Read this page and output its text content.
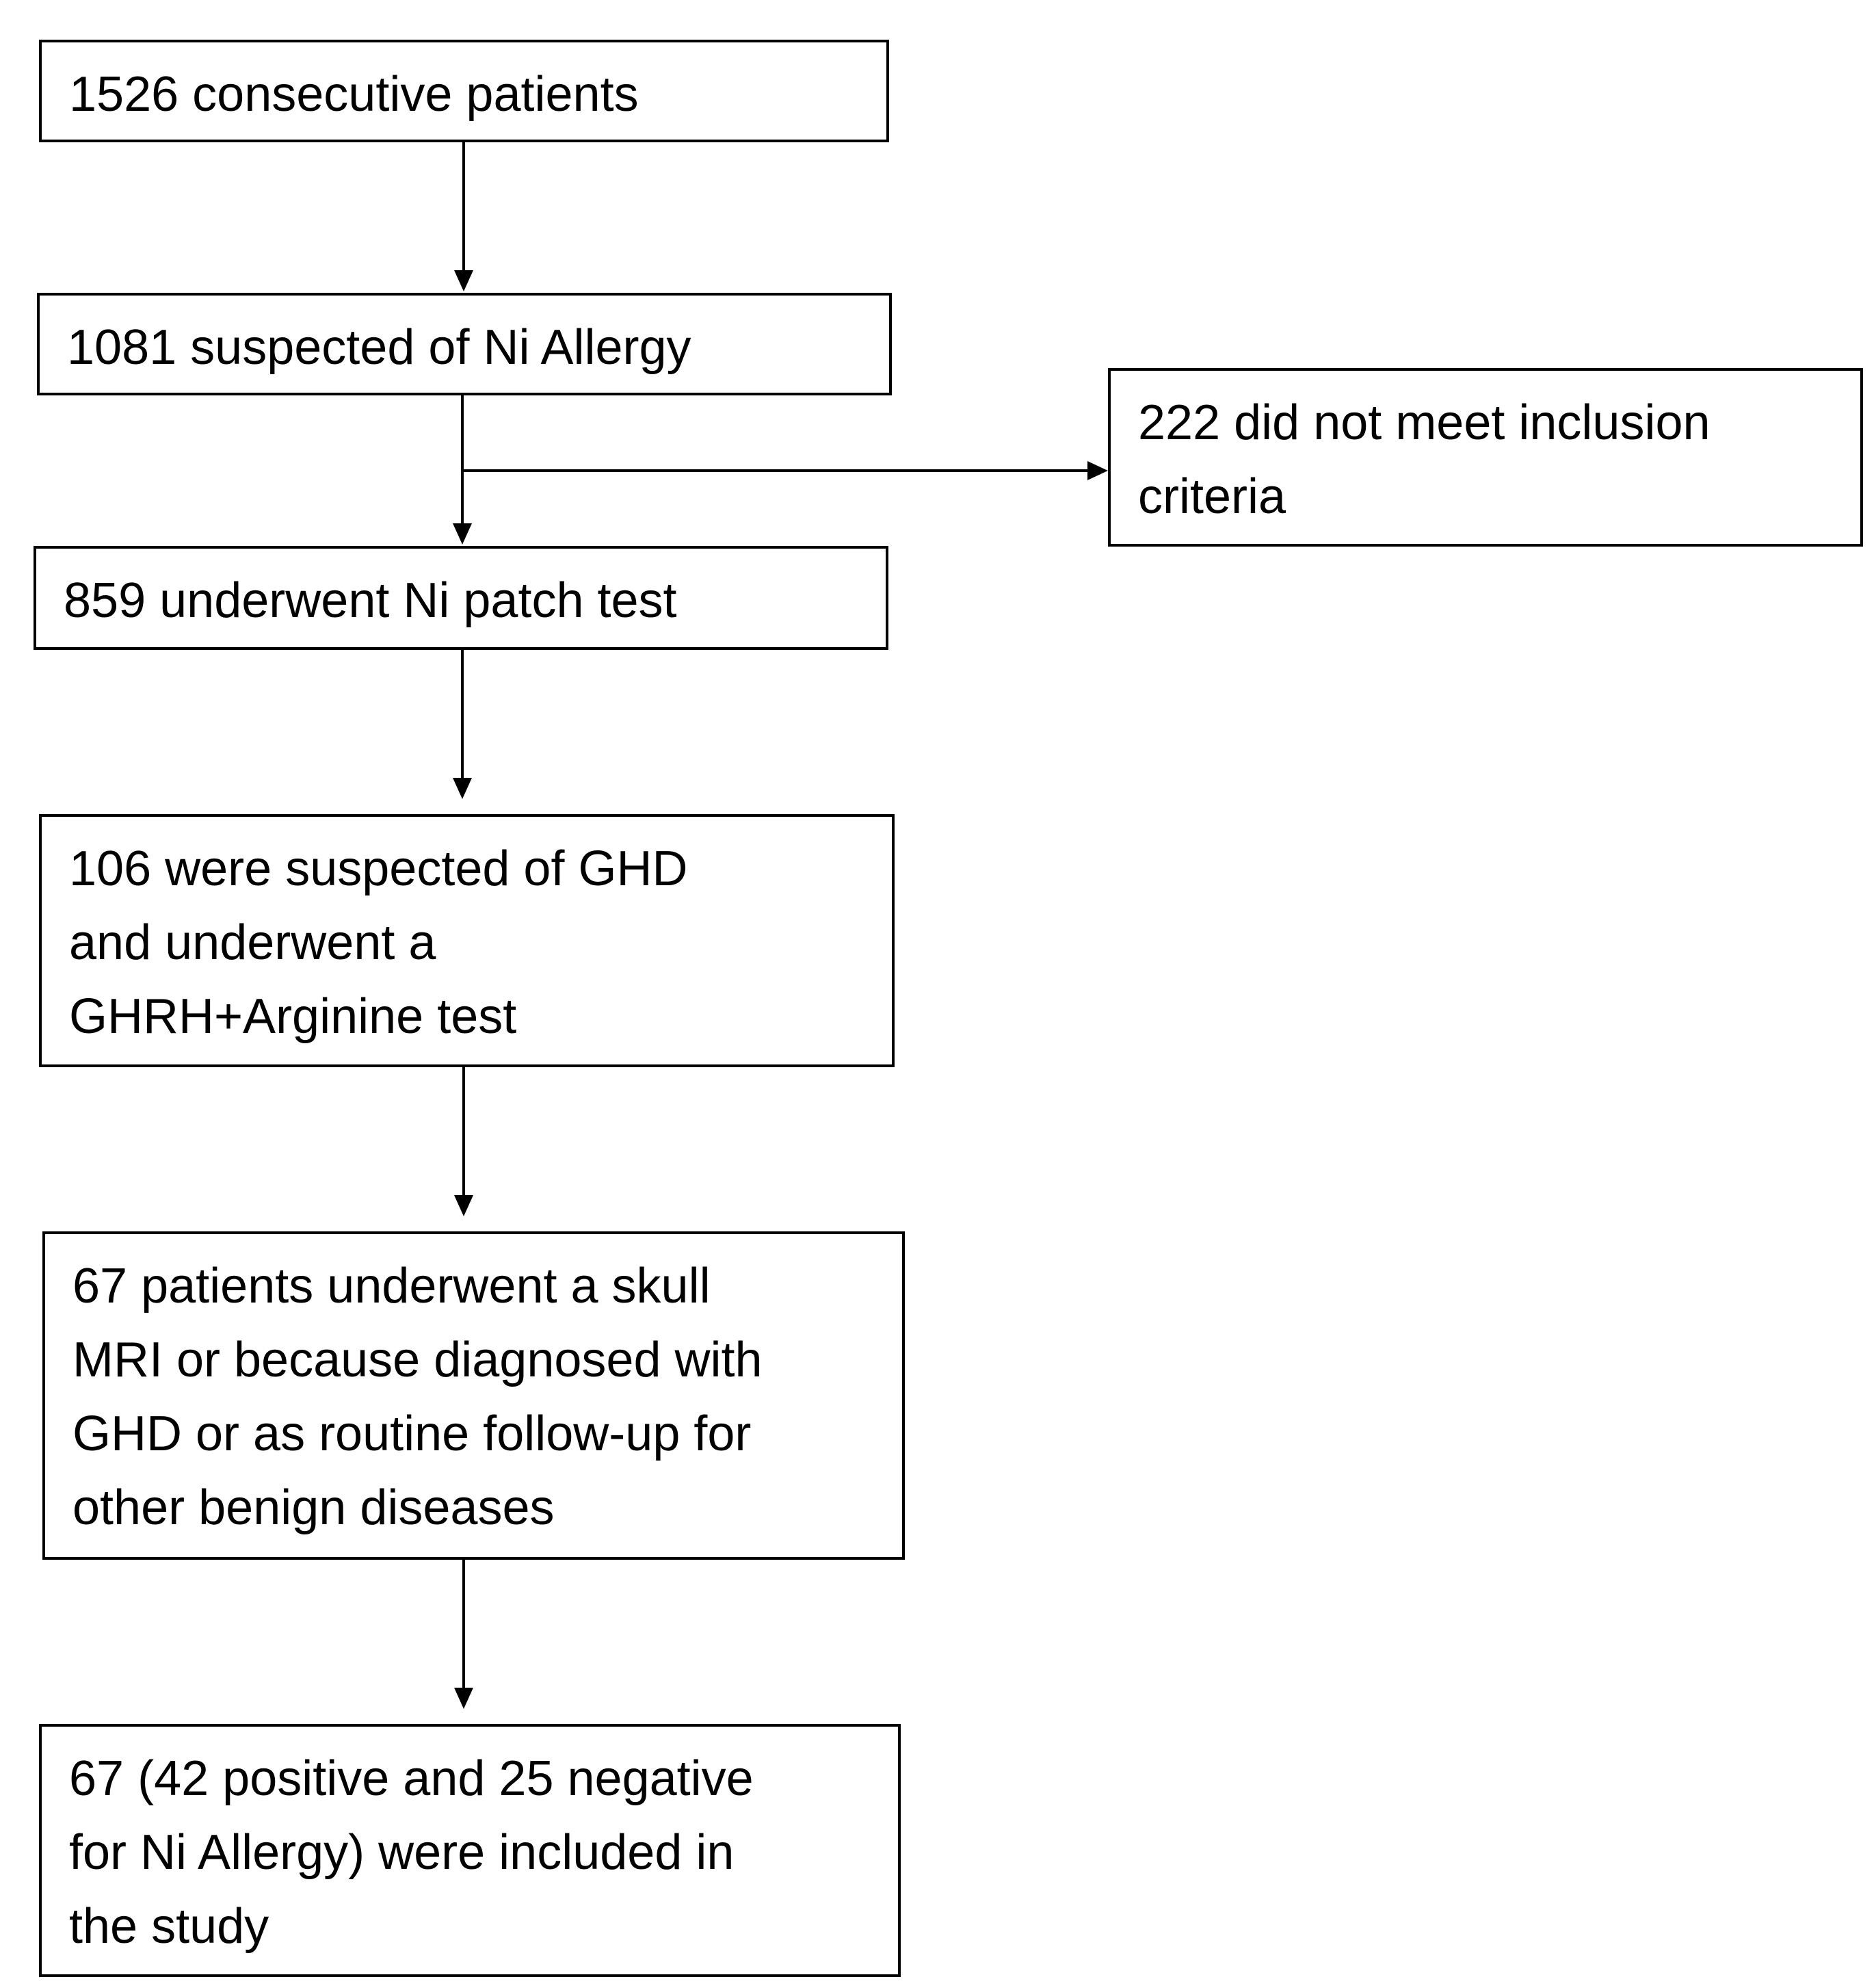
1526 consecutive patients
1081 suspected of Ni Allergy
222 did not meet inclusion
criteria
859 underwent Ni patch test
106 were suspected of GHD
and underwent a
GHRH+Arginine test
67 patients underwent a skull
MRI or because diagnosed with
GHD or as routine follow-up for
other benign diseases
67 (42 positive and 25 negative
for Ni Allergy) were included in
the study
